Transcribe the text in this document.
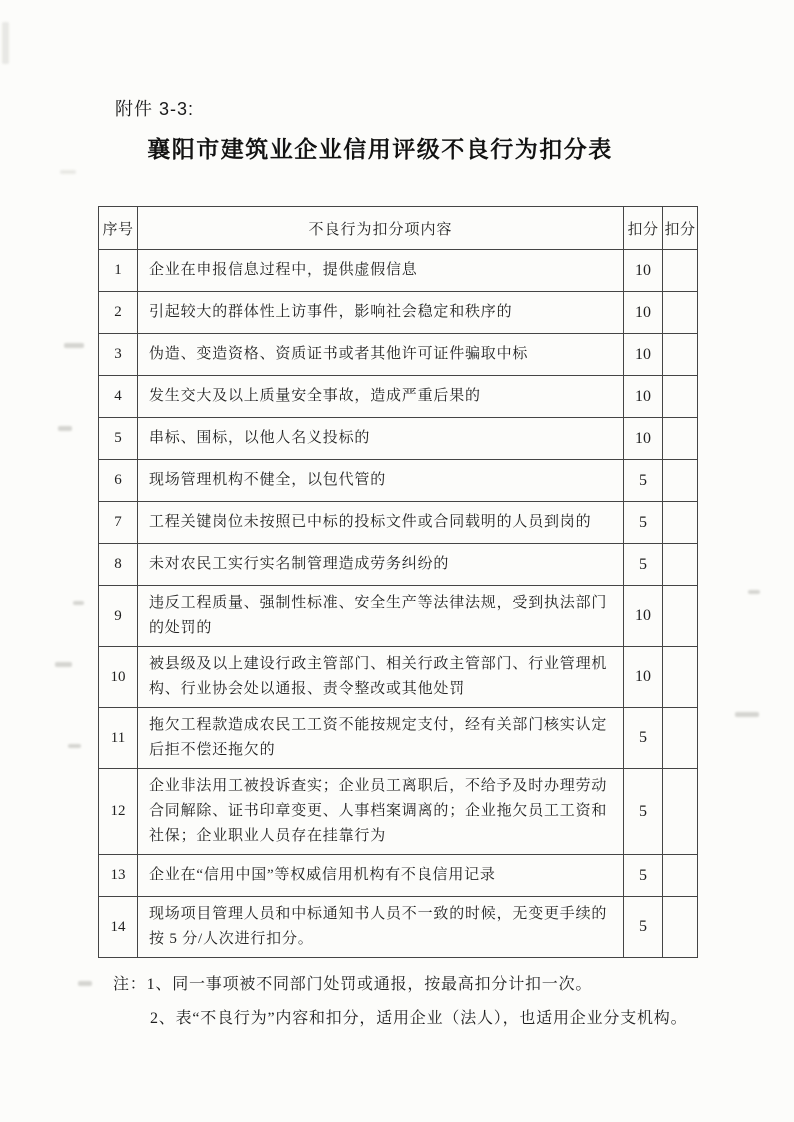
附件 3-3:
襄阳市建筑业企业信用评级不良行为扣分表
序号	不良行为扣分项内容	扣分	扣分
1	企业在申报信息过程中，提供虚假信息	10	
2	引起较大的群体性上访事件，影响社会稳定和秩序的	10	
3	伪造、变造资格、资质证书或者其他许可证件骗取中标	10	
4	发生交大及以上质量安全事故，造成严重后果的	10	
5	串标、围标，以他人名义投标的	10	
6	现场管理机构不健全，以包代管的	5	
7	工程关键岗位未按照已中标的投标文件或合同载明的人员到岗的	5	
8	未对农民工实行实名制管理造成劳务纠纷的	5	
9	违反工程质量、强制性标准、安全生产等法律法规，受到执法部门的处罚的	10	
10	被县级及以上建设行政主管部门、相关行政主管部门、行业管理机构、行业协会处以通报、责令整改或其他处罚	10	
11	拖欠工程款造成农民工工资不能按规定支付，经有关部门核实认定后拒不偿还拖欠的	5	
12	企业非法用工被投诉查实；企业员工离职后，不给予及时办理劳动合同解除、证书印章变更、人事档案调离的；企业拖欠员工工资和社保；企业职业人员存在挂靠行为	5	
13	企业在“信用中国”等权威信用机构有不良信用记录	5	
14	现场项目管理人员和中标通知书人员不一致的时候，无变更手续的按 5 分/人次进行扣分。	5	
注：1、同一事项被不同部门处罚或通报，按最高扣分计扣一次。
2、表“不良行为”内容和扣分，适用企业（法人），也适用企业分支机构。
